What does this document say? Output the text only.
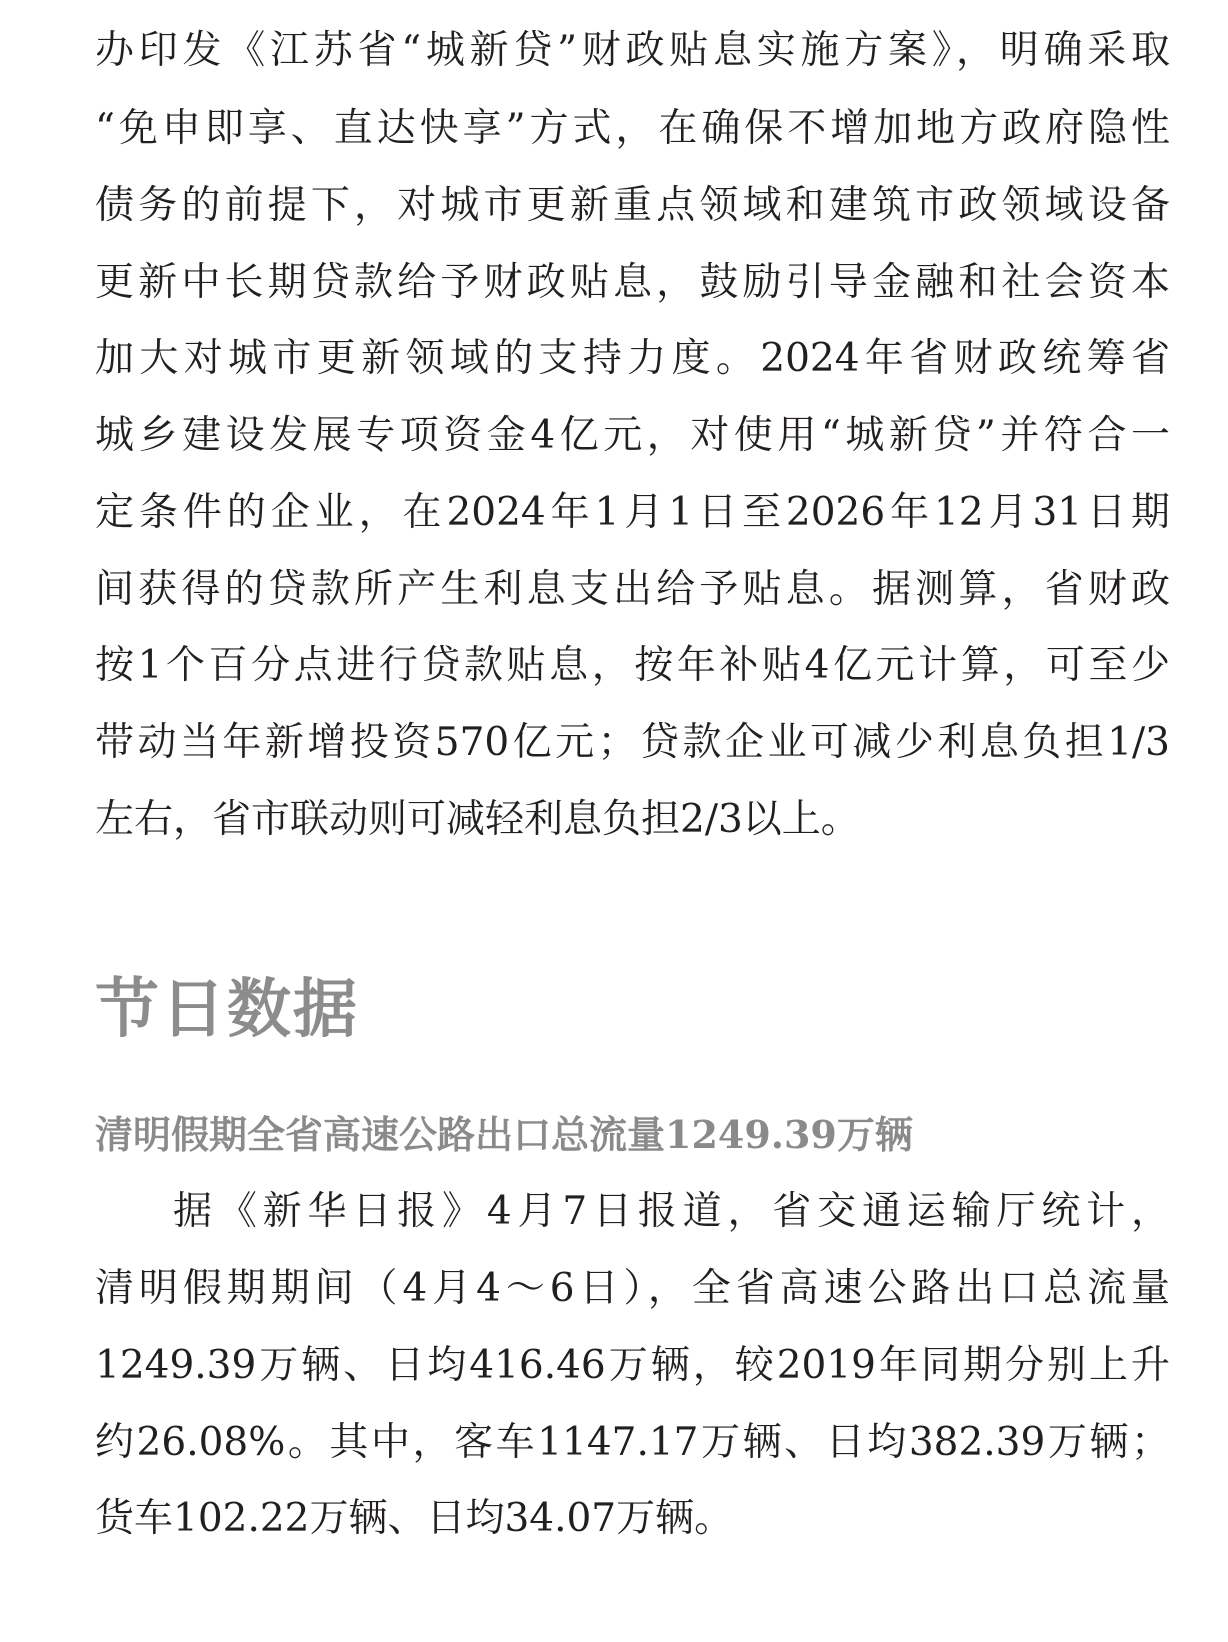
办印发《江苏省“城新贷”财政贴息实施方案》，明确采取
“免申即享、直达快享”方式，在确保不增加地方政府隐性
债务的前提下，对城市更新重点领域和建筑市政领域设备
更新中长期贷款给予财政贴息，鼓励引导金融和社会资本
加大对城市更新领域的支持力度。2024年省财政统筹省
城乡建设发展专项资金4亿元，对使用“城新贷”并符合一
定条件的企业，在2024年1月1日至2026年12月31日期
间获得的贷款所产生利息支出给予贴息。据测算，省财政
按1个百分点进行贷款贴息，按年补贴4亿元计算，可至少
带动当年新增投资570亿元；贷款企业可减少利息负担1/3
左右，省市联动则可减轻利息负担2/3以上。
节日数据
清明假期全省高速公路出口总流量1249.39万辆
据《新华日报》4月7日报道，省交通运输厅统计，
清明假期期间（4月4～6日），全省高速公路出口总流量
1249.39万辆、日均416.46万辆，较2019年同期分别上升
约26.08%。其中，客车1147.17万辆、日均382.39万辆；
货车102.22万辆、日均34.07万辆。
